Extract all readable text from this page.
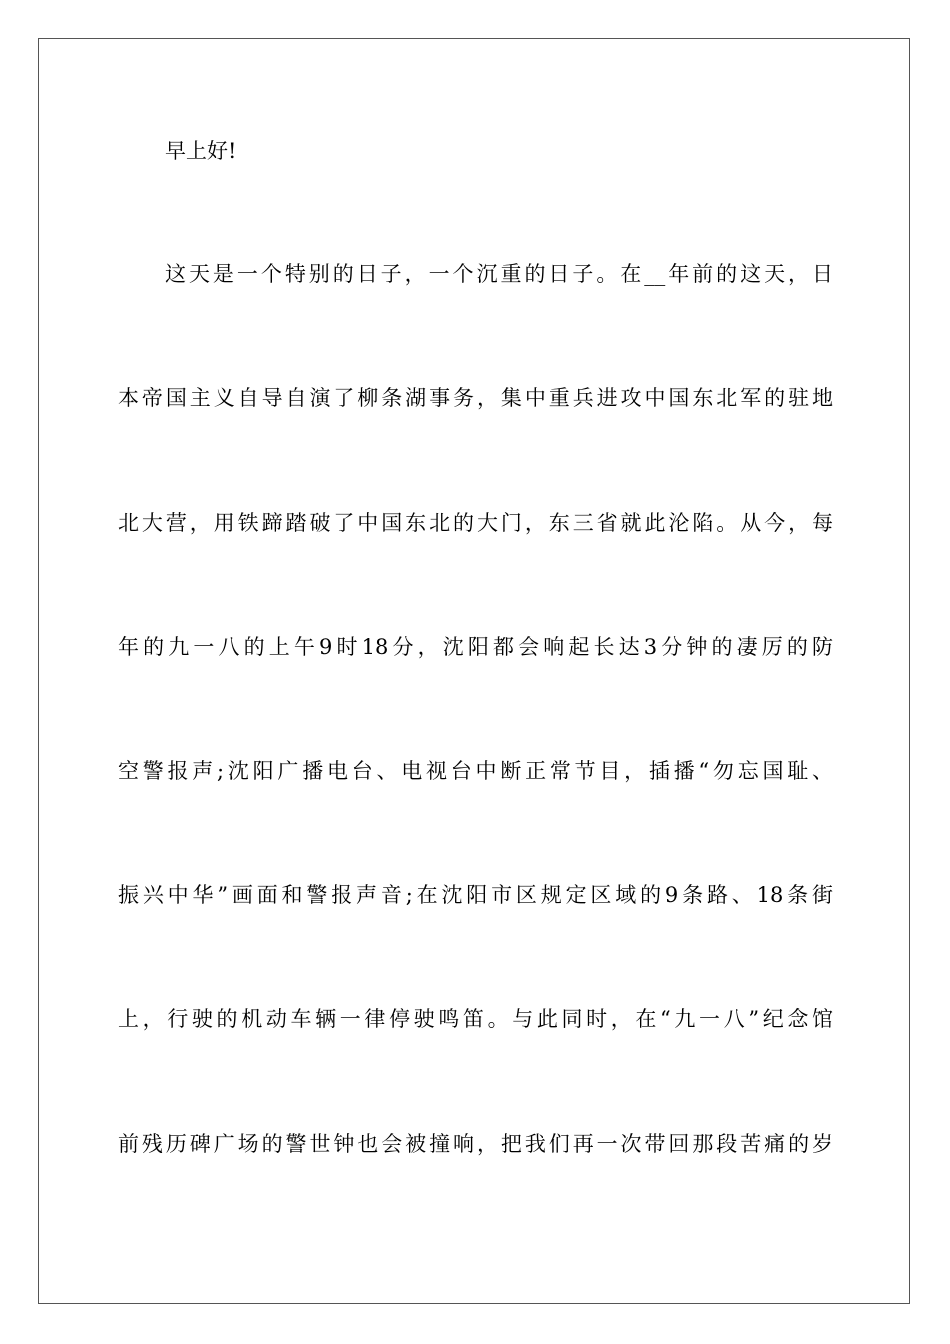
早上好!
这天是一个特别的日子，一个沉重的日子。在__年前的这天，日
本帝国主义自导自演了柳条湖事务，集中重兵进攻中国东北军的驻地
北大营，用铁蹄踏破了中国东北的大门，东三省就此沦陷。从今，每
年的九一八的上午9时18分，沈阳都会响起长达3分钟的凄厉的防
空警报声;沈阳广播电台、电视台中断正常节目，插播“勿忘国耻、
振兴中华”画面和警报声音;在沈阳市区规定区域的9条路、18条街
上，行驶的机动车辆一律停驶鸣笛。与此同时，在“九一八”纪念馆
前残历碑广场的警世钟也会被撞响，把我们再一次带回那段苦痛的岁
